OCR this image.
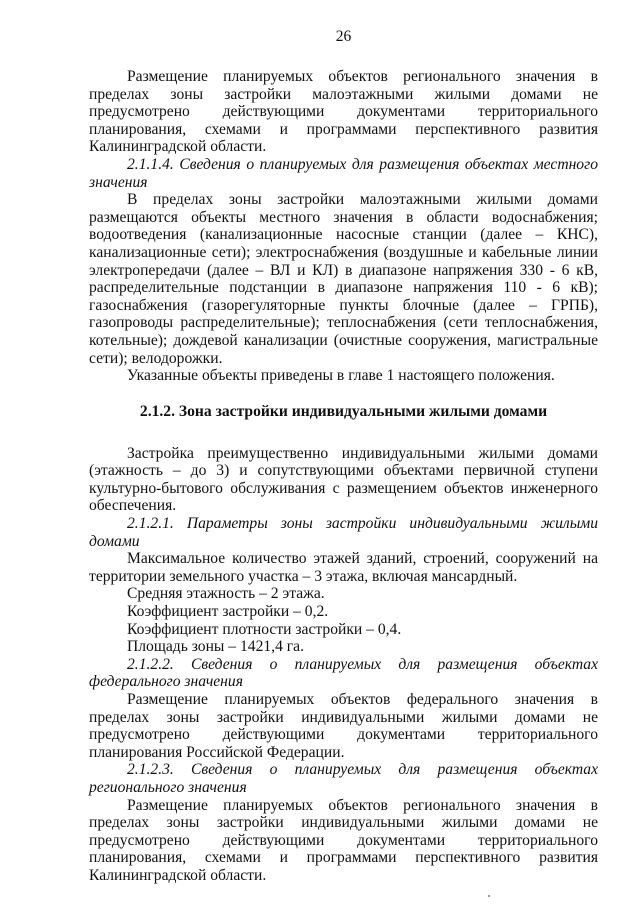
26

Размещение планируемых объектов регионального значения в пределах зоны застройки малоэтажными жилыми домами не предусмотрено действующими документами территориального планирования, схемами и программами перспективного развития Калининградской области.

2.1.1.4. Сведения о планируемых для размещения объектах местного значения

В пределах зоны застройки малоэтажными жилыми домами размещаются объекты местного значения в области водоснабжения; водоотведения (канализационные насосные станции (далее – КНС), канализационные сети); электроснабжения (воздушные и кабельные линии электропередачи (далее – ВЛ и КЛ) в диапазоне напряжения 330 - 6 кВ, распределительные подстанции в диапазоне напряжения 110 - 6 кВ); газоснабжения (газорегуляторные пункты блочные (далее – ГРПБ), газопроводы распределительные); теплоснабжения (сети теплоснабжения, котельные); дождевой канализации (очистные сооружения, магистральные сети); велодорожки.

Указанные объекты приведены в главе 1 настоящего положения.

2.1.2. Зона застройки индивидуальными жилыми домами

Застройка преимущественно индивидуальными жилыми домами (этажность – до 3) и сопутствующими объектами первичной ступени культурно-бытового обслуживания с размещением объектов инженерного обеспечения.

2.1.2.1. Параметры зоны застройки индивидуальными жилыми домами

Максимальное количество этажей зданий, строений, сооружений на территории земельного участка – 3 этажа, включая мансардный.

Средняя этажность – 2 этажа.

Коэффициент застройки – 0,2.

Коэффициент плотности застройки – 0,4.

Площадь зоны – 1421,4 га.

2.1.2.2. Сведения о планируемых для размещения объектах федерального значения

Размещение планируемых объектов федерального значения в пределах зоны застройки индивидуальными жилыми домами не предусмотрено действующими документами территориального планирования Российской Федерации.

2.1.2.3. Сведения о планируемых для размещения объектах регионального значения

Размещение планируемых объектов регионального значения в пределах зоны застройки индивидуальными жилыми домами не предусмотрено действующими документами территориального планирования, схемами и программами перспективного развития Калининградской области.
